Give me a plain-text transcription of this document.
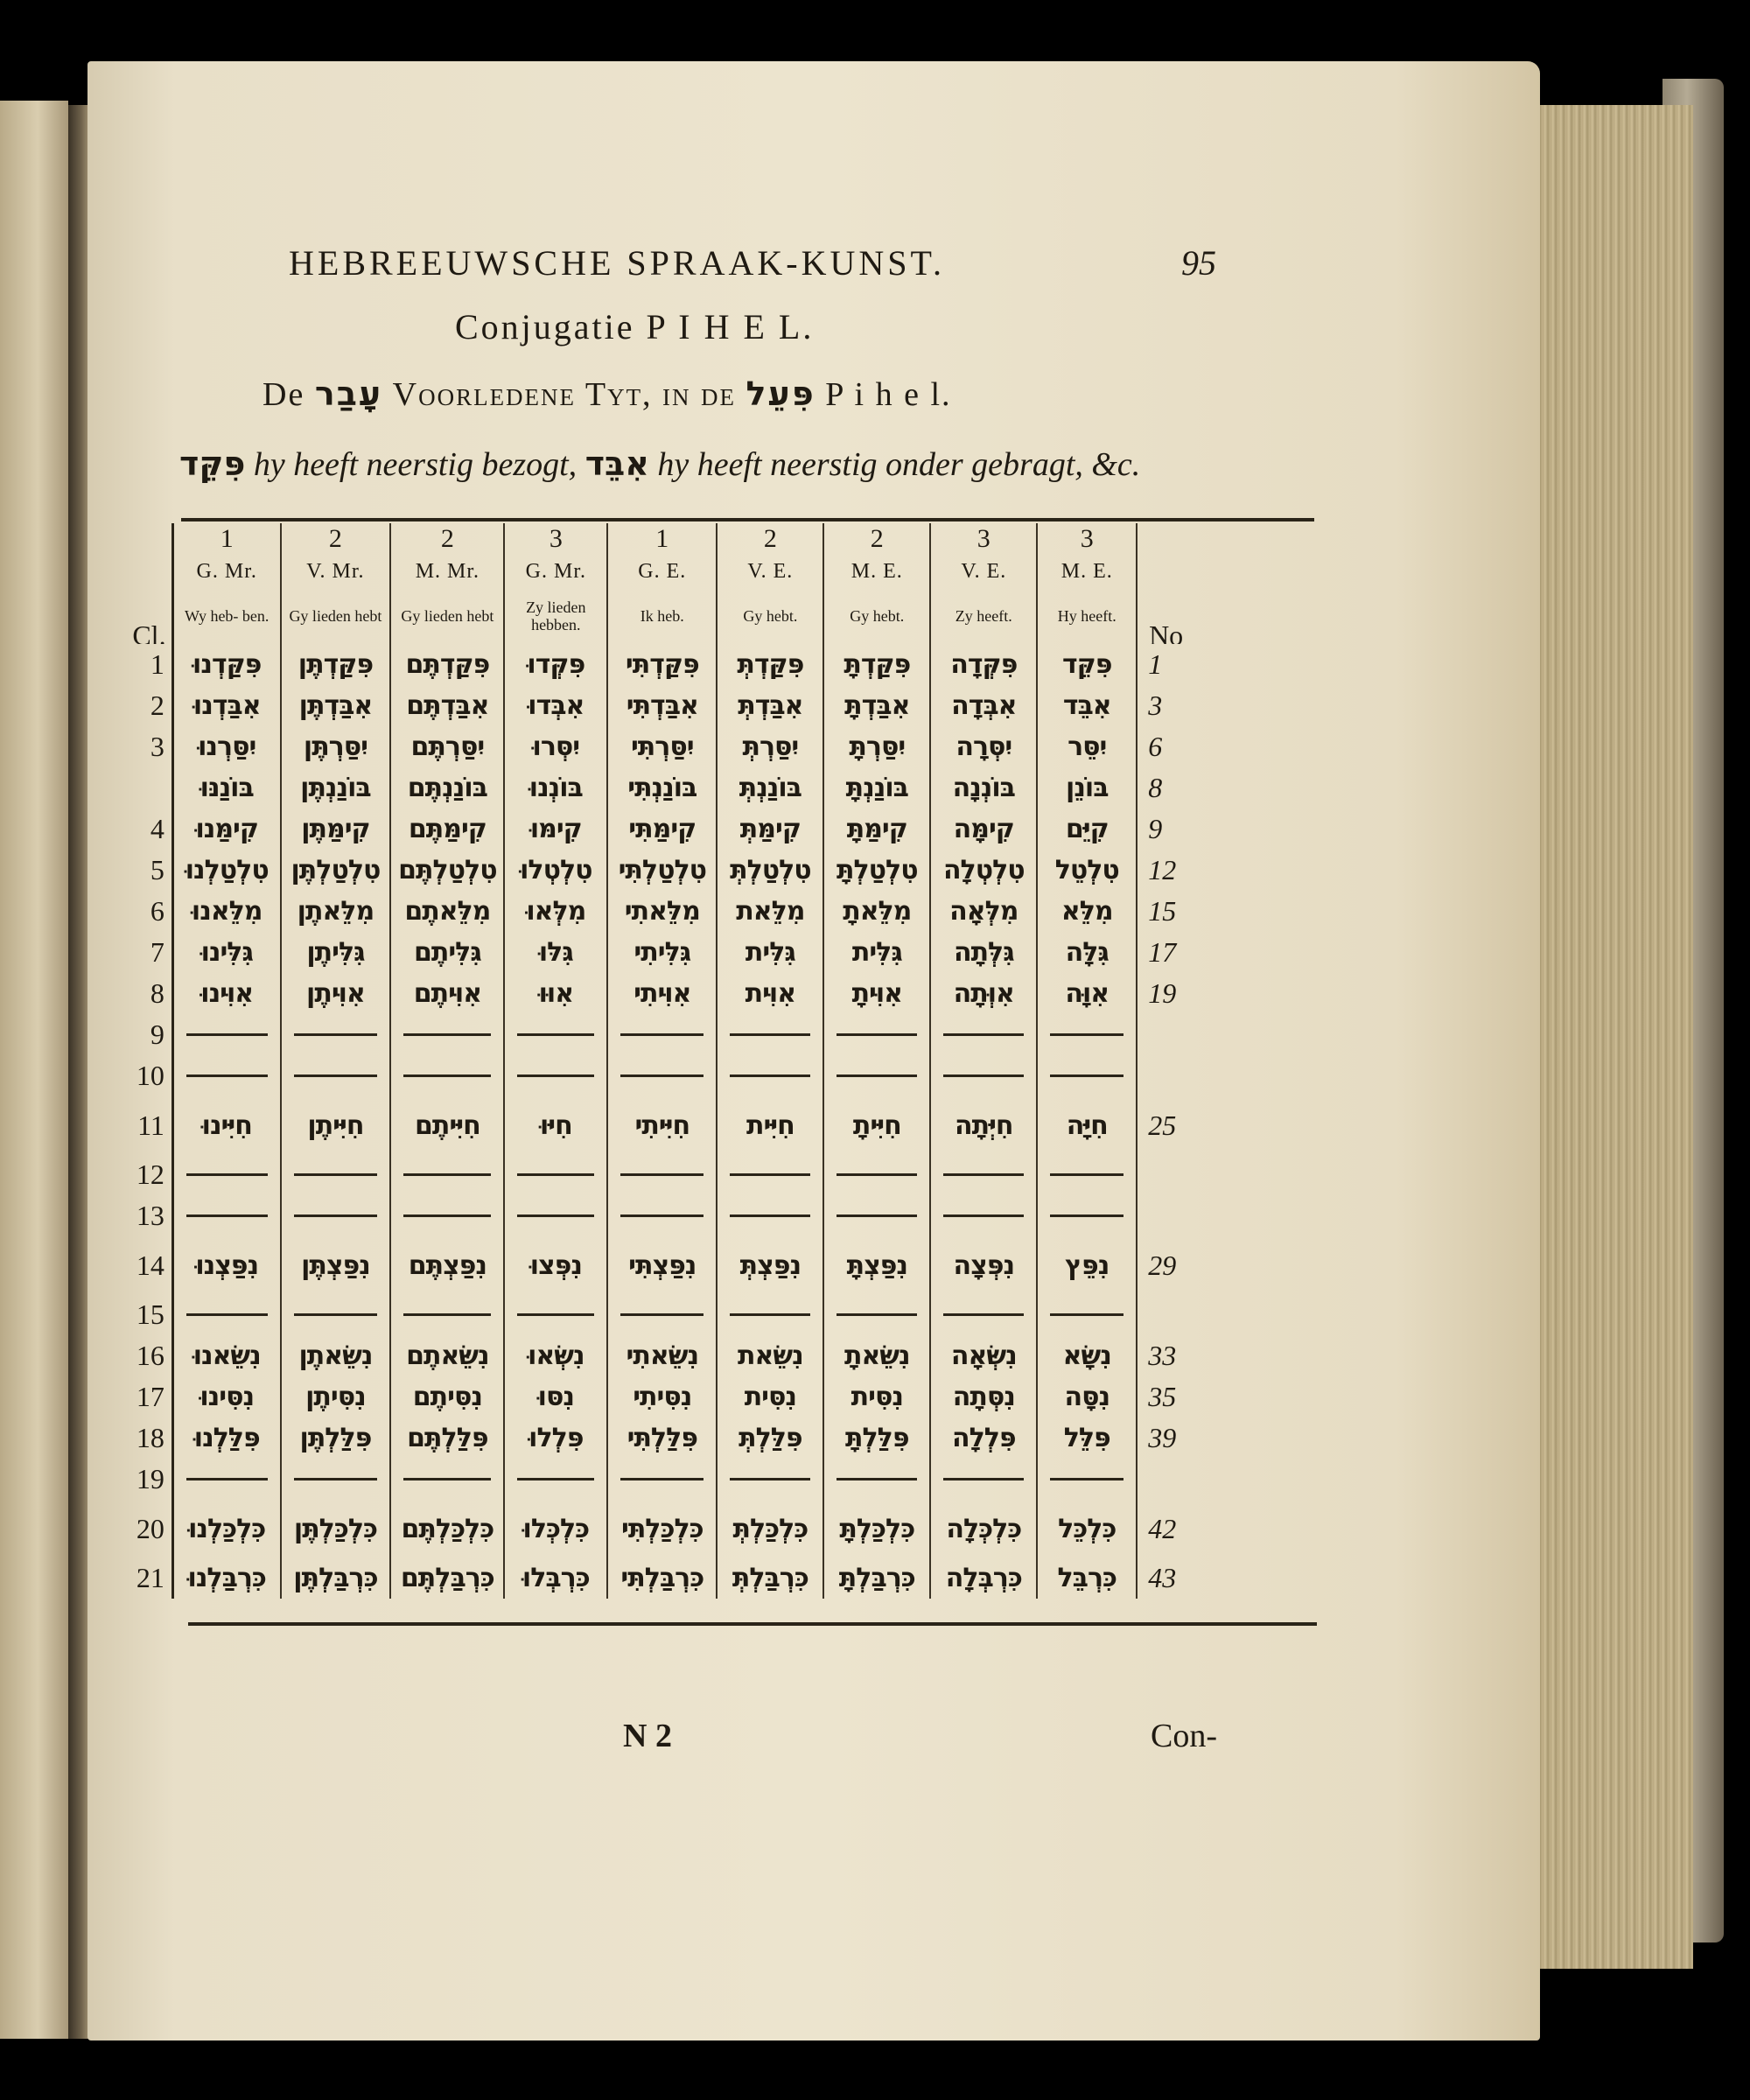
HEBREEUWSCHE SPRAAK-KUNST.	95
Conjugatie P I H E L.
De עָבַר Voorledene Tyt, in de פִּעֵל P i h e l.
פִּקֵּד hy heeft neerstig bezogt, אִבֵּד hy heeft neerstig onder gebragt, &c.
	1	2	2	3	1	2	2	3	3	
	G. Mr.	V. Mr.	M. Mr.	G. Mr.	G. E.	V. E.	M. E.	V. E.	M. E.	
Cl.	Wy heb- ben.	Gy lieden hebt	Gy lieden hebt	Zy lieden hebben.	Ik heb.	Gy hebt.	Gy hebt.	Zy heeft.	Hy heeft.	No
1	פִּקַּדְנוּ	פִּקַּדְתֶּן	פִּקַּדְתֶּם	פִּקְּדוּ	פִּקַּדְתִּי	פִּקַּדְתְּ	פִּקַּדְתָּ	פִּקְּדָה	פִּקֵּד	1
2	אִבַּדְנוּ	אִבַּדְתֶּן	אִבַּדְתֶּם	אִבְּדוּ	אִבַּדְתִּי	אִבַּדְתְּ	אִבַּדְתָּ	אִבְּדָה	אִבֵּד	3
3	יִסַּרְנוּ	יִסַּרְתֶּן	יִסַּרְתֶּם	יִסְּרוּ	יִסַּרְתִּי	יִסַּרְתְּ	יִסַּרְתָּ	יִסְּרָה	יִסֵּר	6
	בּוֹנַנּוּ	בּוֹנַנְתֶּן	בּוֹנַנְתֶּם	בּוֹנְנוּ	בּוֹנַנְתִּי	בּוֹנַנְתְּ	בּוֹנַנְתָּ	בּוֹנְנָה	בּוֹנֵן	8
4	קִימַּנוּ	קִימַּתֶּן	קִימַּתֶּם	קִימּוּ	קִימַּתִּי	קִימַּתְּ	קִימַּתָּ	קִימָּה	קִיֵּם	9
5	טִלְטַלְנוּ	טִלְטַלְתֶּן	טִלְטַלְתֶּם	טִלְטְלוּ	טִלְטַלְתִּי	טִלְטַלְתְּ	טִלְטַלְתָּ	טִלְטְלָה	טִלְטֵל	12
6	מִלֵּאנוּ	מִלֵּאתֶן	מִלֵּאתֶם	מִלְּאוּ	מִלֵּאתִי	מִלֵּאת	מִלֵּאתָ	מִלְּאָה	מִלֵּא	15
7	גִּלִּינוּ	גִּלִּיתֶן	גִּלִּיתֶם	גִּלּוּ	גִּלִּיתִי	גִּלִּית	גִּלִּית	גִּלְּתָה	גִּלָּה	17
8	אִוִּינוּ	אִוִּיתֶן	אִוִּיתֶם	אִוּוּ	אִוִּיתִי	אִוִּית	אִוִּיתָ	אִוְּתָה	אִוָּה	19
9										
10										
11	חִיִּינוּ	חִיִּיתֶן	חִיִּיתֶם	חִיּוּ	חִיִּיתִי	חִיִּית	חִיִּיתָ	חִיְּתָה	חִיָּה	25
12										
13										
14	נִפַּצְנוּ	נִפַּצְתֶּן	נִפַּצְתֶּם	נִפְּצוּ	נִפַּצְתִּי	נִפַּצְתְּ	נִפַּצְתָּ	נִפְּצָה	נִפֵּץ	29
15										
16	נִשֵּׂאנוּ	נִשֵּׂאתֶן	נִשֵּׂאתֶם	נִשְּׂאוּ	נִשֵּׂאתִי	נִשֵּׂאת	נִשֵּׂאתָ	נִשְּׂאָה	נִשָּׂא	33
17	נִסִּינוּ	נִסִּיתֶן	נִסִּיתֶם	נִסּוּ	נִסִּיתִי	נִסִּית	נִסִּית	נִסְּתָה	נִסָּה	35
18	פִּלַּלְנוּ	פִּלַּלְתֶּן	פִּלַּלְתֶּם	פִּלְלוּ	פִּלַּלְתִּי	פִּלַּלְתְּ	פִּלַּלְתָּ	פִּלְלָה	פִּלֵּל	39
19										
20	כִּלְכַּלְנוּ	כִּלְכַּלְתֶּן	כִּלְכַּלְתֶּם	כִּלְכְּלוּ	כִּלְכַּלְתִּי	כִּלְכַּלְתְּ	כִּלְכַּלְתָּ	כִּלְכְּלָה	כִּלְכֵּל	42
21	כִּרְבַּלְנוּ	כִּרְבַּלְתֶּן	כִּרְבַּלְתֶּם	כִּרְבְּלוּ	כִּרְבַּלְתִּי	כִּרְבַּלְתְּ	כִּרְבַּלְתָּ	כִּרְבְּלָה	כִּרְבֵּל	43
N 2	Con-
